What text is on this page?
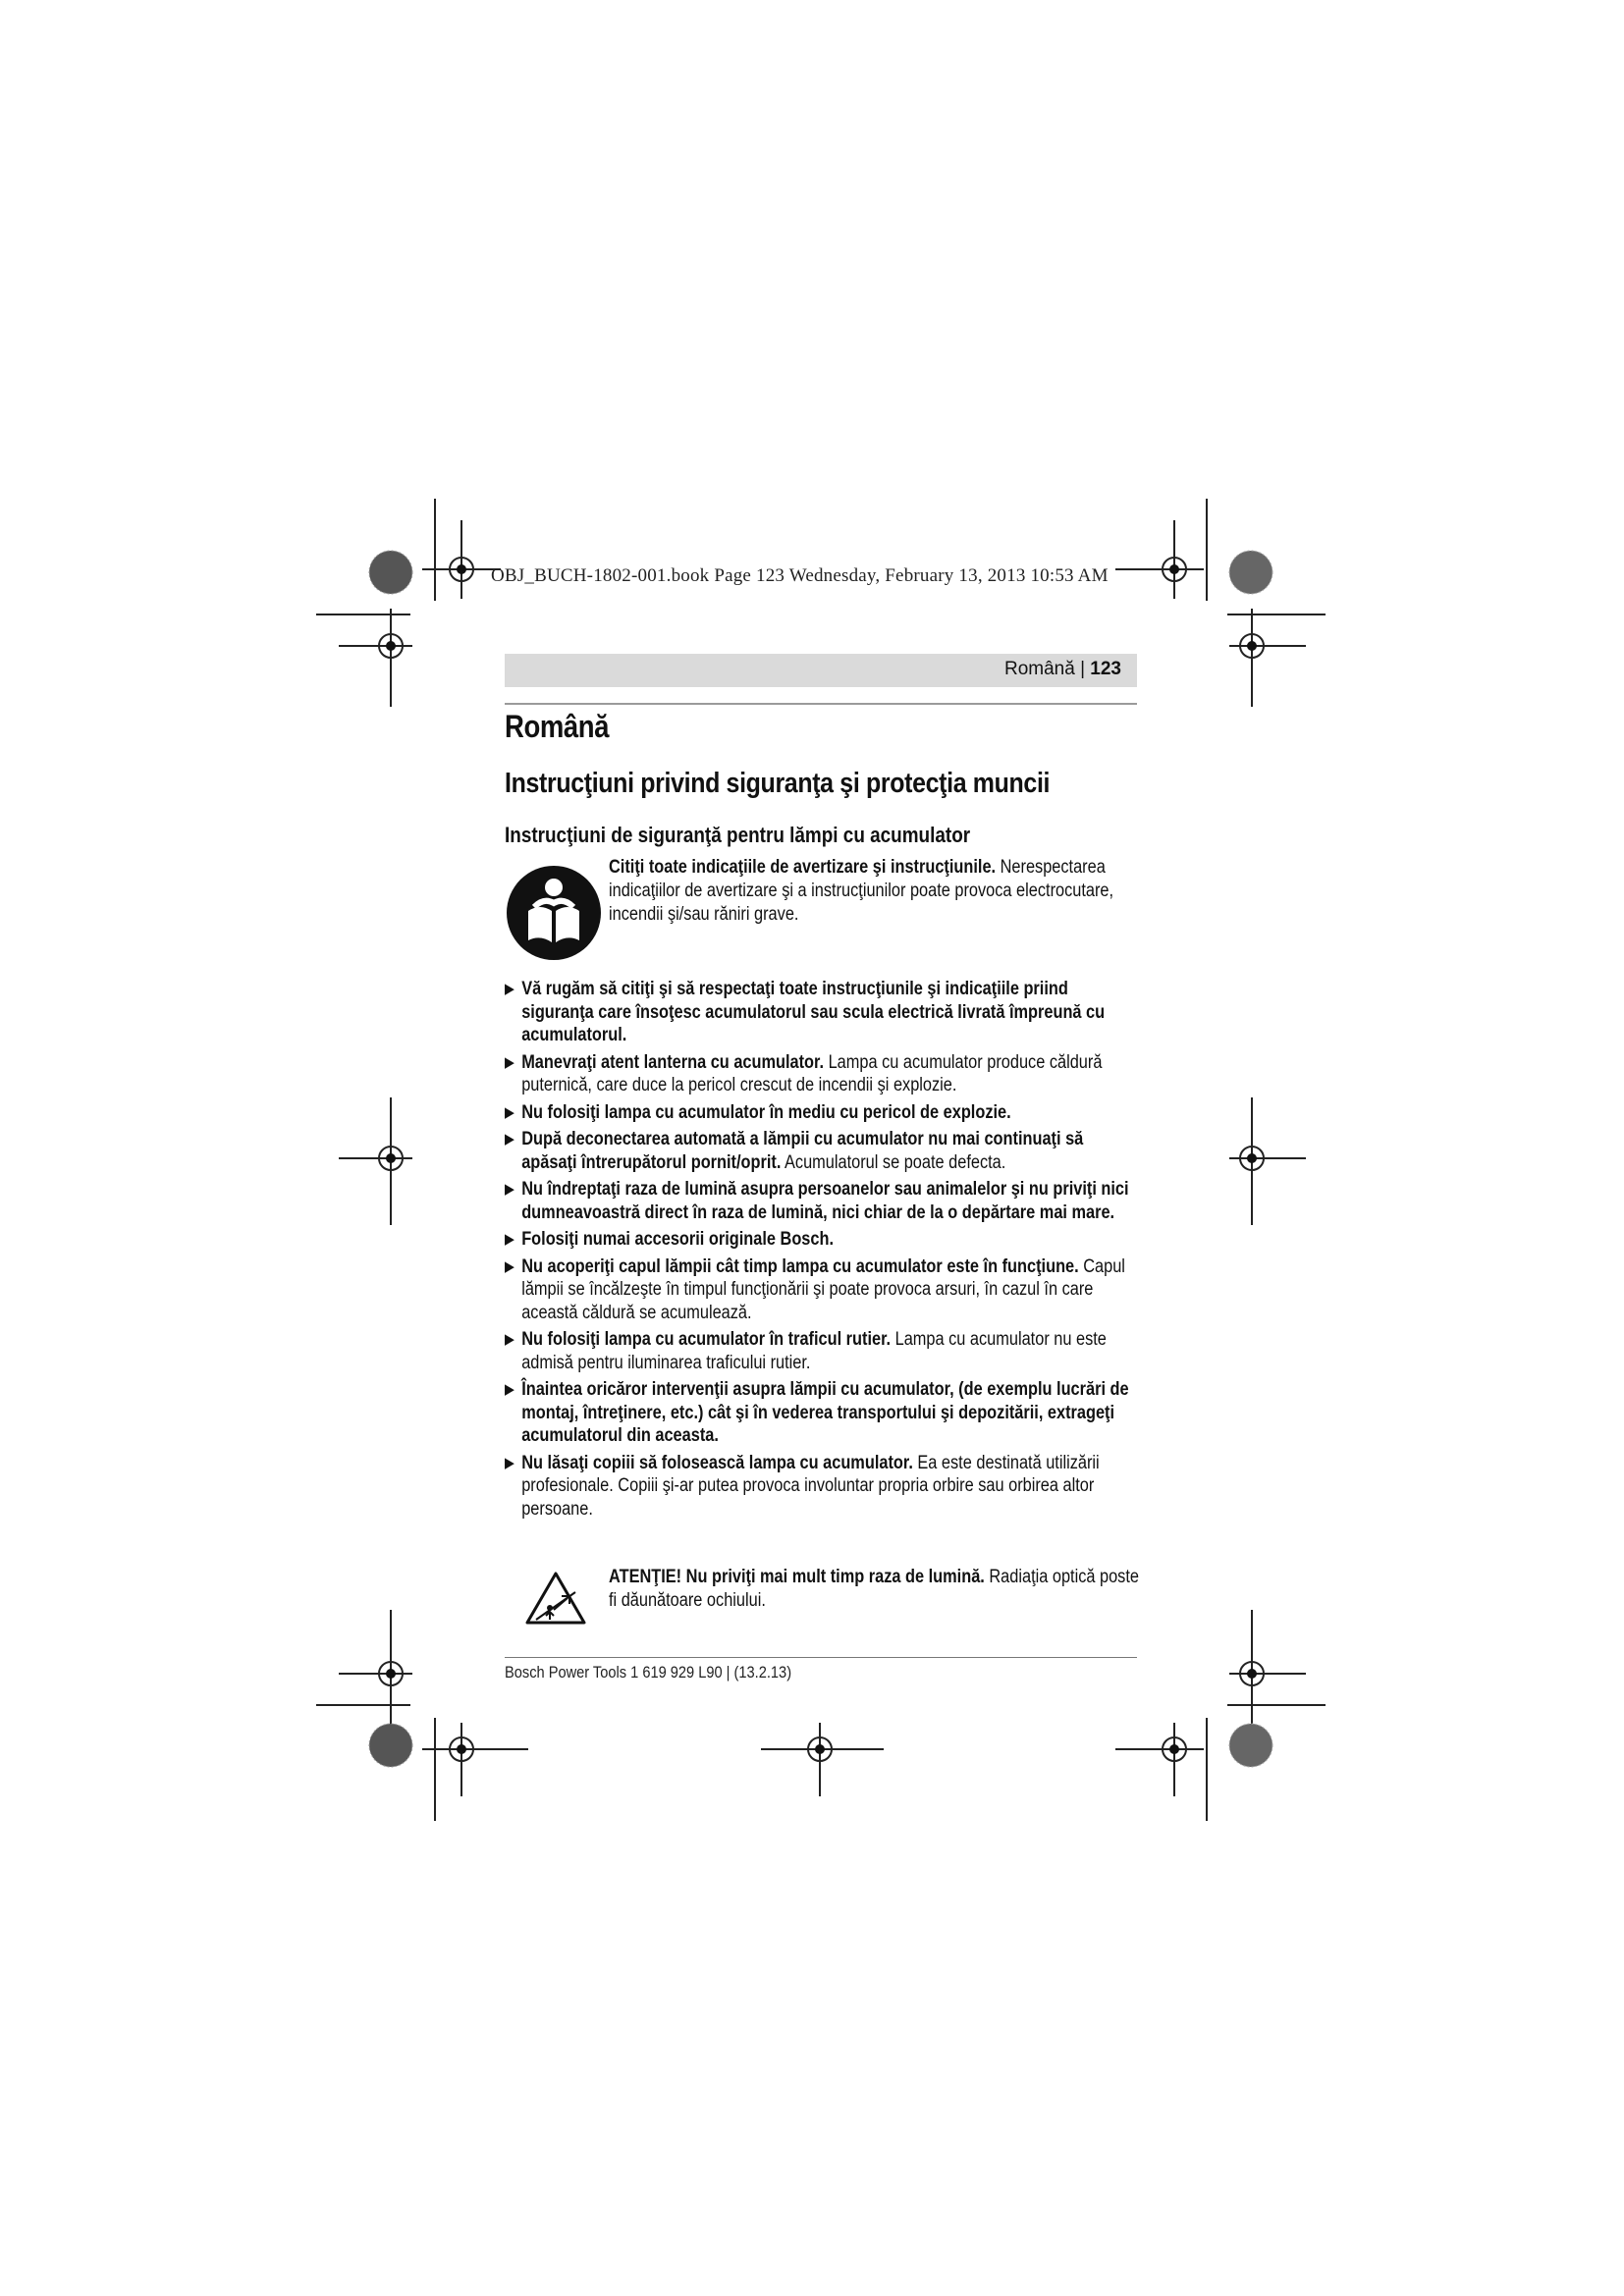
OBJ_BUCH-1802-001.book Page 123 Wednesday, February 13, 2013 10:53 AM
Română | 123
Română
Instrucţiuni privind siguranţa şi protecţia muncii
Instrucţiuni de siguranţă pentru lămpi cu acumulator
Citiţi toate indicaţiile de avertizare şi instrucţiunile. Nerespectarea indicaţiilor de avertizare şi a instrucţiunilor poate provoca electrocutare, incendii şi/sau răniri grave.
▶ Vă rugăm să citiţi şi să respectaţi toate instrucţiunile şi indicaţiile priind siguranţa care însoţesc acumulatorul sau scula electrică livrată împreună cu acumulatorul.
▶ Manevraţi atent lanterna cu acumulator. Lampa cu acumulator produce căldură puternică, care duce la pericol crescut de incendii şi explozie.
▶ Nu folosiţi lampa cu acumulator în mediu cu pericol de explozie.
▶ După deconectarea automată a lămpii cu acumulator nu mai continuaţi să apăsaţi întrerupătorul pornit/oprit. Acumulatorul se poate defecta.
▶ Nu îndreptaţi raza de lumină asupra persoanelor sau animalelor şi nu priviţi nici dumneavoastră direct în raza de lumină, nici chiar de la o depărtare mai mare.
▶ Folosiţi numai accesorii originale Bosch.
▶ Nu acoperiţi capul lămpii cât timp lampa cu acumulator este în funcţiune. Capul lămpii se încălzeşte în timpul funcţionării şi poate provoca arsuri, în cazul în care această căldură se acumulează.
▶ Nu folosiţi lampa cu acumulator în traficul rutier. Lampa cu acumulator nu este admisă pentru iluminarea traficului rutier.
▶ Înaintea oricăror intervenţii asupra lămpii cu acumulator, (de exemplu lucrări de montaj, întreţinere, etc.) cât şi în vederea transportului şi depozitării, extrageţi acumulatorul din aceasta.
▶ Nu lăsaţi copiii să folosească lampa cu acumulator. Ea este destinată utilizării profesionale. Copiii şi-ar putea provoca involuntar propria orbire sau orbirea altor persoane.
ATENŢIE! Nu priviţi mai mult timp raza de lumină. Radiaţia optică poste fi dăunătoare ochiului.
Bosch Power Tools 1 619 929 L90 | (13.2.13)
